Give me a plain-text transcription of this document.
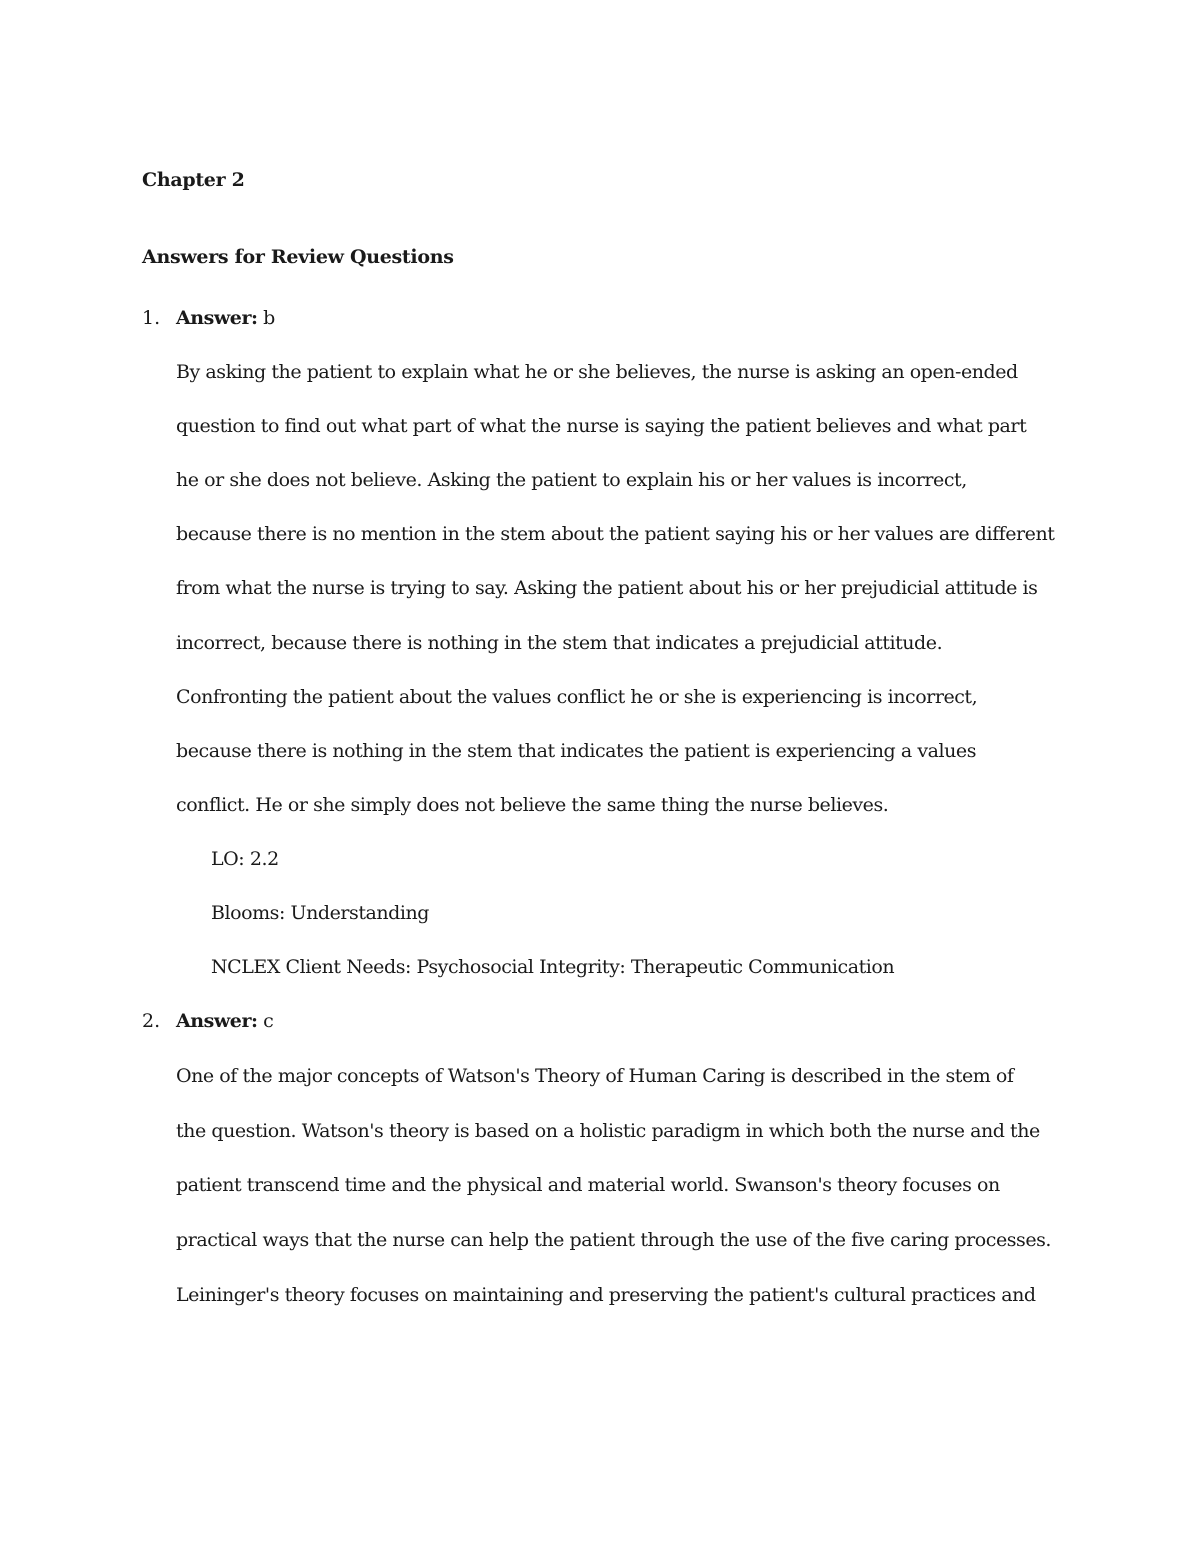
Chapter 2
Answers for Review Questions
1. Answer: b
By asking the patient to explain what he or she believes, the nurse is asking an open-ended
question to find out what part of what the nurse is saying the patient believes and what part
he or she does not believe. Asking the patient to explain his or her values is incorrect,
because there is no mention in the stem about the patient saying his or her values are different
from what the nurse is trying to say. Asking the patient about his or her prejudicial attitude is
incorrect, because there is nothing in the stem that indicates a prejudicial attitude.
Confronting the patient about the values conflict he or she is experiencing is incorrect,
because there is nothing in the stem that indicates the patient is experiencing a values
conflict. He or she simply does not believe the same thing the nurse believes.
LO: 2.2
Blooms: Understanding
NCLEX Client Needs: Psychosocial Integrity: Therapeutic Communication
2. Answer: c
One of the major concepts of Watson's Theory of Human Caring is described in the stem of
the question. Watson's theory is based on a holistic paradigm in which both the nurse and the
patient transcend time and the physical and material world. Swanson's theory focuses on
practical ways that the nurse can help the patient through the use of the five caring processes.
Leininger's theory focuses on maintaining and preserving the patient's cultural practices and
